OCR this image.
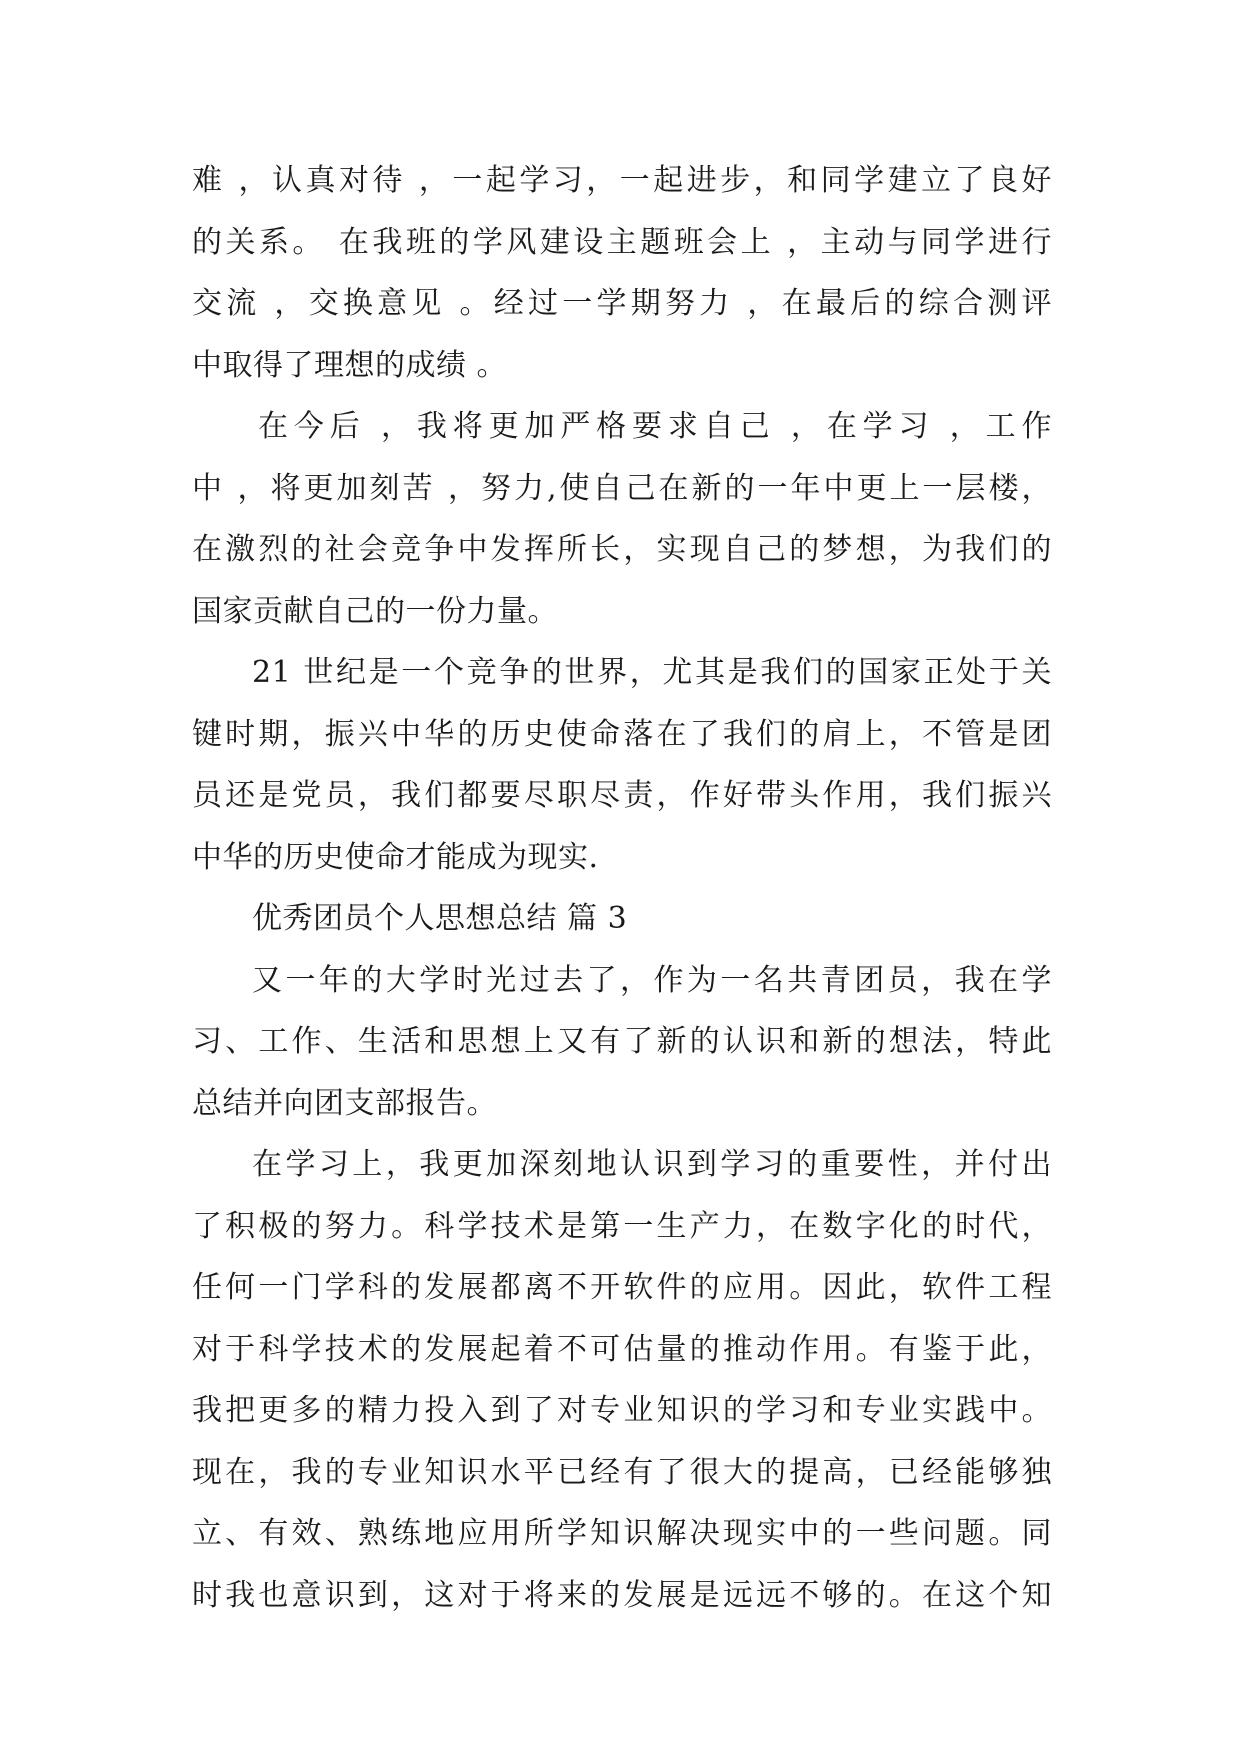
难 ，认真对待 ，一起学习，一起进步，和同学建立了良好
的关系。 在我班的学风建设主题班会上 ，主动与同学进行
交流 ，交换意见 。经过一学期努力 ，在最后的综合测评
中取得了理想的成绩 。
在今后 ，我将更加严格要求自己 ，在学习 ，工作
中 ，将更加刻苦 ，努力,使自己在新的一年中更上一层楼，
在激烈的社会竞争中发挥所长，实现自己的梦想，为我们的
国家贡献自己的一份力量。
21 世纪是一个竞争的世界，尤其是我们的国家正处于关
键时期，振兴中华的历史使命落在了我们的肩上，不管是团
员还是党员，我们都要尽职尽责，作好带头作用，我们振兴
中华的历史使命才能成为现实.
优秀团员个人思想总结 篇 3
又一年的大学时光过去了，作为一名共青团员，我在学
习、工作、生活和思想上又有了新的认识和新的想法，特此
总结并向团支部报告。
在学习上，我更加深刻地认识到学习的重要性，并付出
了积极的努力。科学技术是第一生产力，在数字化的时代，
任何一门学科的发展都离不开软件的应用。因此，软件工程
对于科学技术的发展起着不可估量的推动作用。有鉴于此，
我把更多的精力投入到了对专业知识的学习和专业实践中。
现在，我的专业知识水平已经有了很大的提高，已经能够独
立、有效、熟练地应用所学知识解决现实中的一些问题。同
时我也意识到，这对于将来的发展是远远不够的。在这个知
